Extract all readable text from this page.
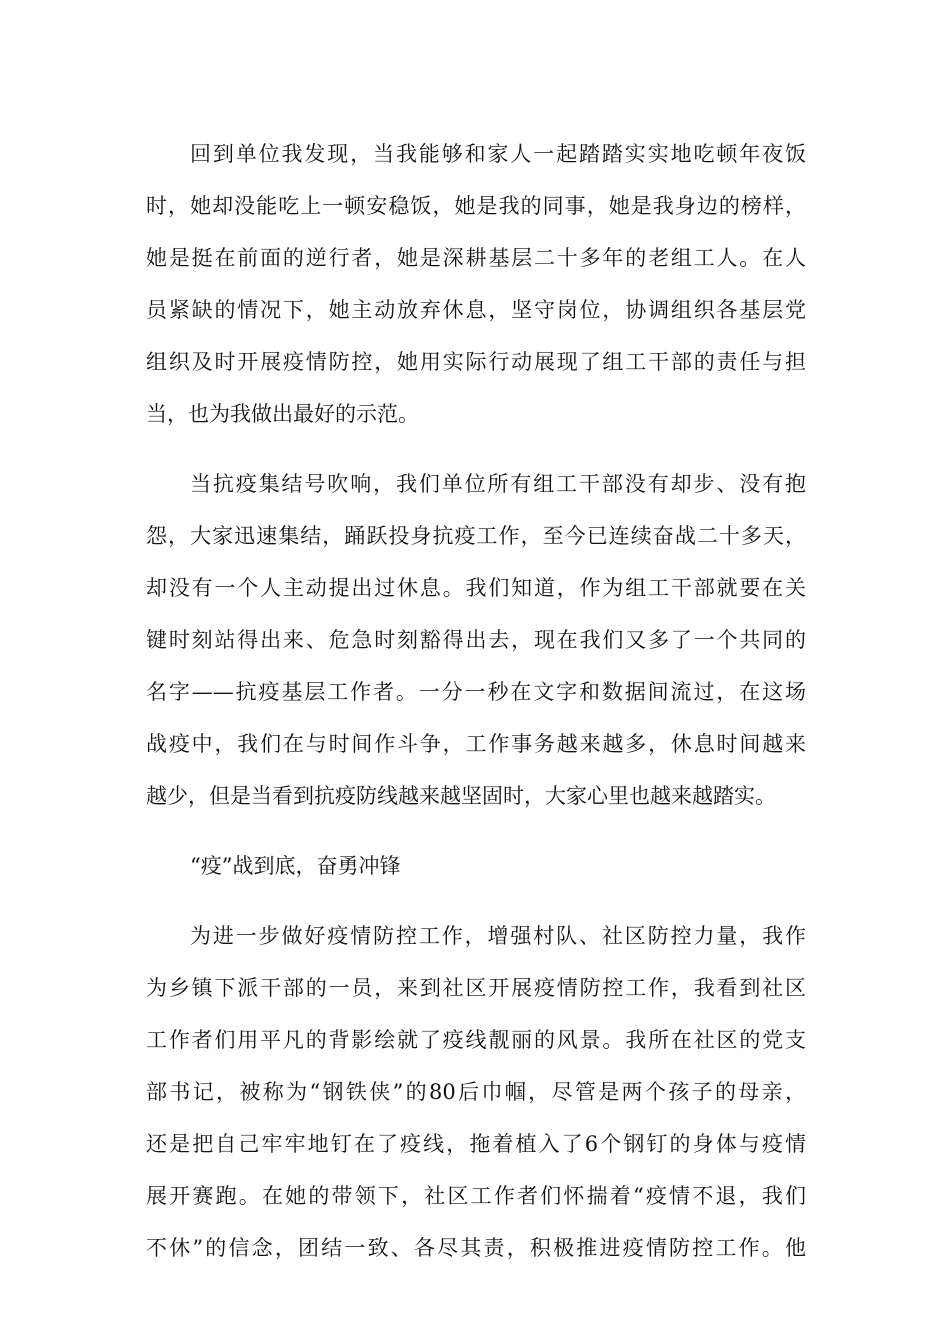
回到单位我发现，当我能够和家人一起踏踏实实地吃顿年夜饭
时，她却没能吃上一顿安稳饭，她是我的同事，她是我身边的榜样，
她是挺在前面的逆行者，她是深耕基层二十多年的老组工人。在人
员紧缺的情况下，她主动放弃休息，坚守岗位，协调组织各基层党
组织及时开展疫情防控，她用实际行动展现了组工干部的责任与担
当，也为我做出最好的示范。
当抗疫集结号吹响，我们单位所有组工干部没有却步、没有抱
怨，大家迅速集结，踊跃投身抗疫工作，至今已连续奋战二十多天，
却没有一个人主动提出过休息。我们知道，作为组工干部就要在关
键时刻站得出来、危急时刻豁得出去，现在我们又多了一个共同的
名字——抗疫基层工作者。一分一秒在文字和数据间流过，在这场
战疫中，我们在与时间作斗争，工作事务越来越多，休息时间越来
越少，但是当看到抗疫防线越来越坚固时，大家心里也越来越踏实。
“疫”战到底，奋勇冲锋
为进一步做好疫情防控工作，增强村队、社区防控力量，我作
为乡镇下派干部的一员，来到社区开展疫情防控工作，我看到社区
工作者们用平凡的背影绘就了疫线靓丽的风景。我所在社区的党支
部书记，被称为“钢铁侠”的80后巾帼，尽管是两个孩子的母亲，
还是把自己牢牢地钉在了疫线，拖着植入了6个钢钉的身体与疫情
展开赛跑。在她的带领下，社区工作者们怀揣着“疫情不退，我们
不休”的信念，团结一致、各尽其责，积极推进疫情防控工作。他
